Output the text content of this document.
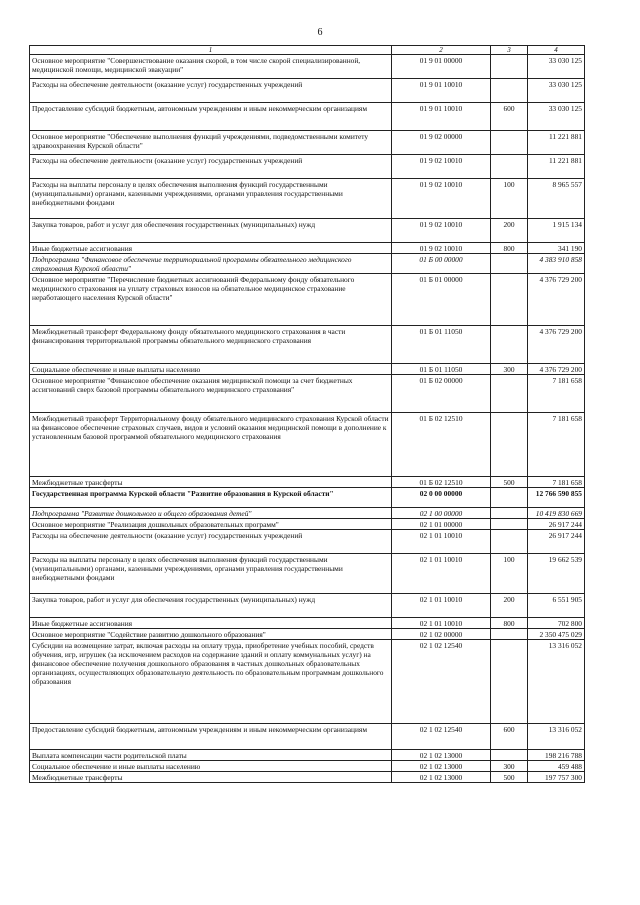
6
1	2	3	4
Основное мероприятие "Совершенствование оказания скорой, в том числе скорой специализированной, медицинской помощи, медицинской эвакуации"	01 9 01 00000		33 030 125
Расходы на обеспечение деятельности (оказание услуг) государственных учреждений	01 9 01 10010		33 030 125
Предоставление субсидий бюджетным, автономным учреждениям и иным некоммерческим организациям	01 9 01 10010	600	33 030 125
Основное мероприятие "Обеспечение выполнения функций учреждениями, подведомственными комитету здравоохранения Курской области"	01 9 02 00000		11 221 881
Расходы на обеспечение деятельности (оказание услуг) государственных учреждений	01 9 02 10010		11 221 881
Расходы на выплаты персоналу в целях обеспечения выполнения функций государственными (муниципальными) органами, казенными учреждениями, органами управления государственными внебюджетными фондами	01 9 02 10010	100	8 965 557
Закупка товаров, работ и услуг для обеспечения государственных (муниципальных) нужд	01 9 02 10010	200	1 915 134
Иные бюджетные ассигнования	01 9 02 10010	800	341 190
Подпрограмма "Финансовое обеспечение территориальной программы обязательного медицинского страхования Курской области"	01 Б 00 00000		4 383 910 858
Основное мероприятие "Перечисление бюджетных ассигнований Федеральному фонду обязательного медицинского страхования на уплату страховых взносов на обязательное медицинское страхование неработающего населения Курской области"	01 Б 01 00000		4 376 729 200
Межбюджетный трансферт Федеральному фонду обязательного медицинского страхования в части финансирования территориальной программы обязательного медицинского страхования	01 Б 01 11050		4 376 729 200
Социальное обеспечение и иные выплаты населению	01 Б 01 11050	300	4 376 729 200
Основное мероприятие "Финансовое обеспечение оказания медицинской помощи за счет бюджетных ассигнований сверх базовой программы обязательного медицинского страхования"	01 Б 02 00000		7 181 658
Межбюджетный трансферт Территориальному фонду обязательного медицинского страхования Курской области на финансовое обеспечение страховых случаев, видов и условий оказания медицинской помощи в дополнение к установленным базовой программой обязательного медицинского страхования	01 Б 02 12510		7 181 658
Межбюджетные трансферты	01 Б 02 12510	500	7 181 658
Государственная программа Курской области "Развитие образования в Курской области"	02 0 00 00000		12 766 590 855
Подпрограмма "Развитие дошкольного и общего образования детей"	02 1 00 00000		10 419 830 669
Основное мероприятие "Реализация дошкольных образовательных программ"	02 1 01 00000		26 917 244
Расходы на обеспечение деятельности (оказание услуг) государственных учреждений	02 1 01 10010		26 917 244
Расходы на выплаты персоналу в целях обеспечения выполнения функций государственными (муниципальными) органами, казенными учреждениями, органами управления государственными внебюджетными фондами	02 1 01 10010	100	19 662 539
Закупка товаров, работ и услуг для обеспечения государственных (муниципальных) нужд	02 1 01 10010	200	6 551 905
Иные бюджетные ассигнования	02 1 01 10010	800	702 800
Основное мероприятие "Содействие развитию дошкольного образования"	02 1 02 00000		2 350 475 029
Субсидии на возмещение затрат, включая расходы на оплату труда, приобретение учебных пособий, средств обучения, игр, игрушек (за исключением расходов на содержание зданий и оплату коммунальных услуг) на финансовое обеспечение получения дошкольного образования в частных дошкольных образовательных организациях, осуществляющих образовательную деятельность по образовательным программам дошкольного образования	02 1 02 12540		13 316 052
Предоставление субсидий бюджетным, автономным учреждениям и иным некоммерческим организациям	02 1 02 12540	600	13 316 052
Выплата компенсации части родительской платы	02 1 02 13000		198 216 788
Социальное обеспечение и иные выплаты населению	02 1 02 13000	300	459 488
Межбюджетные трансферты	02 1 02 13000	500	197 757 300
